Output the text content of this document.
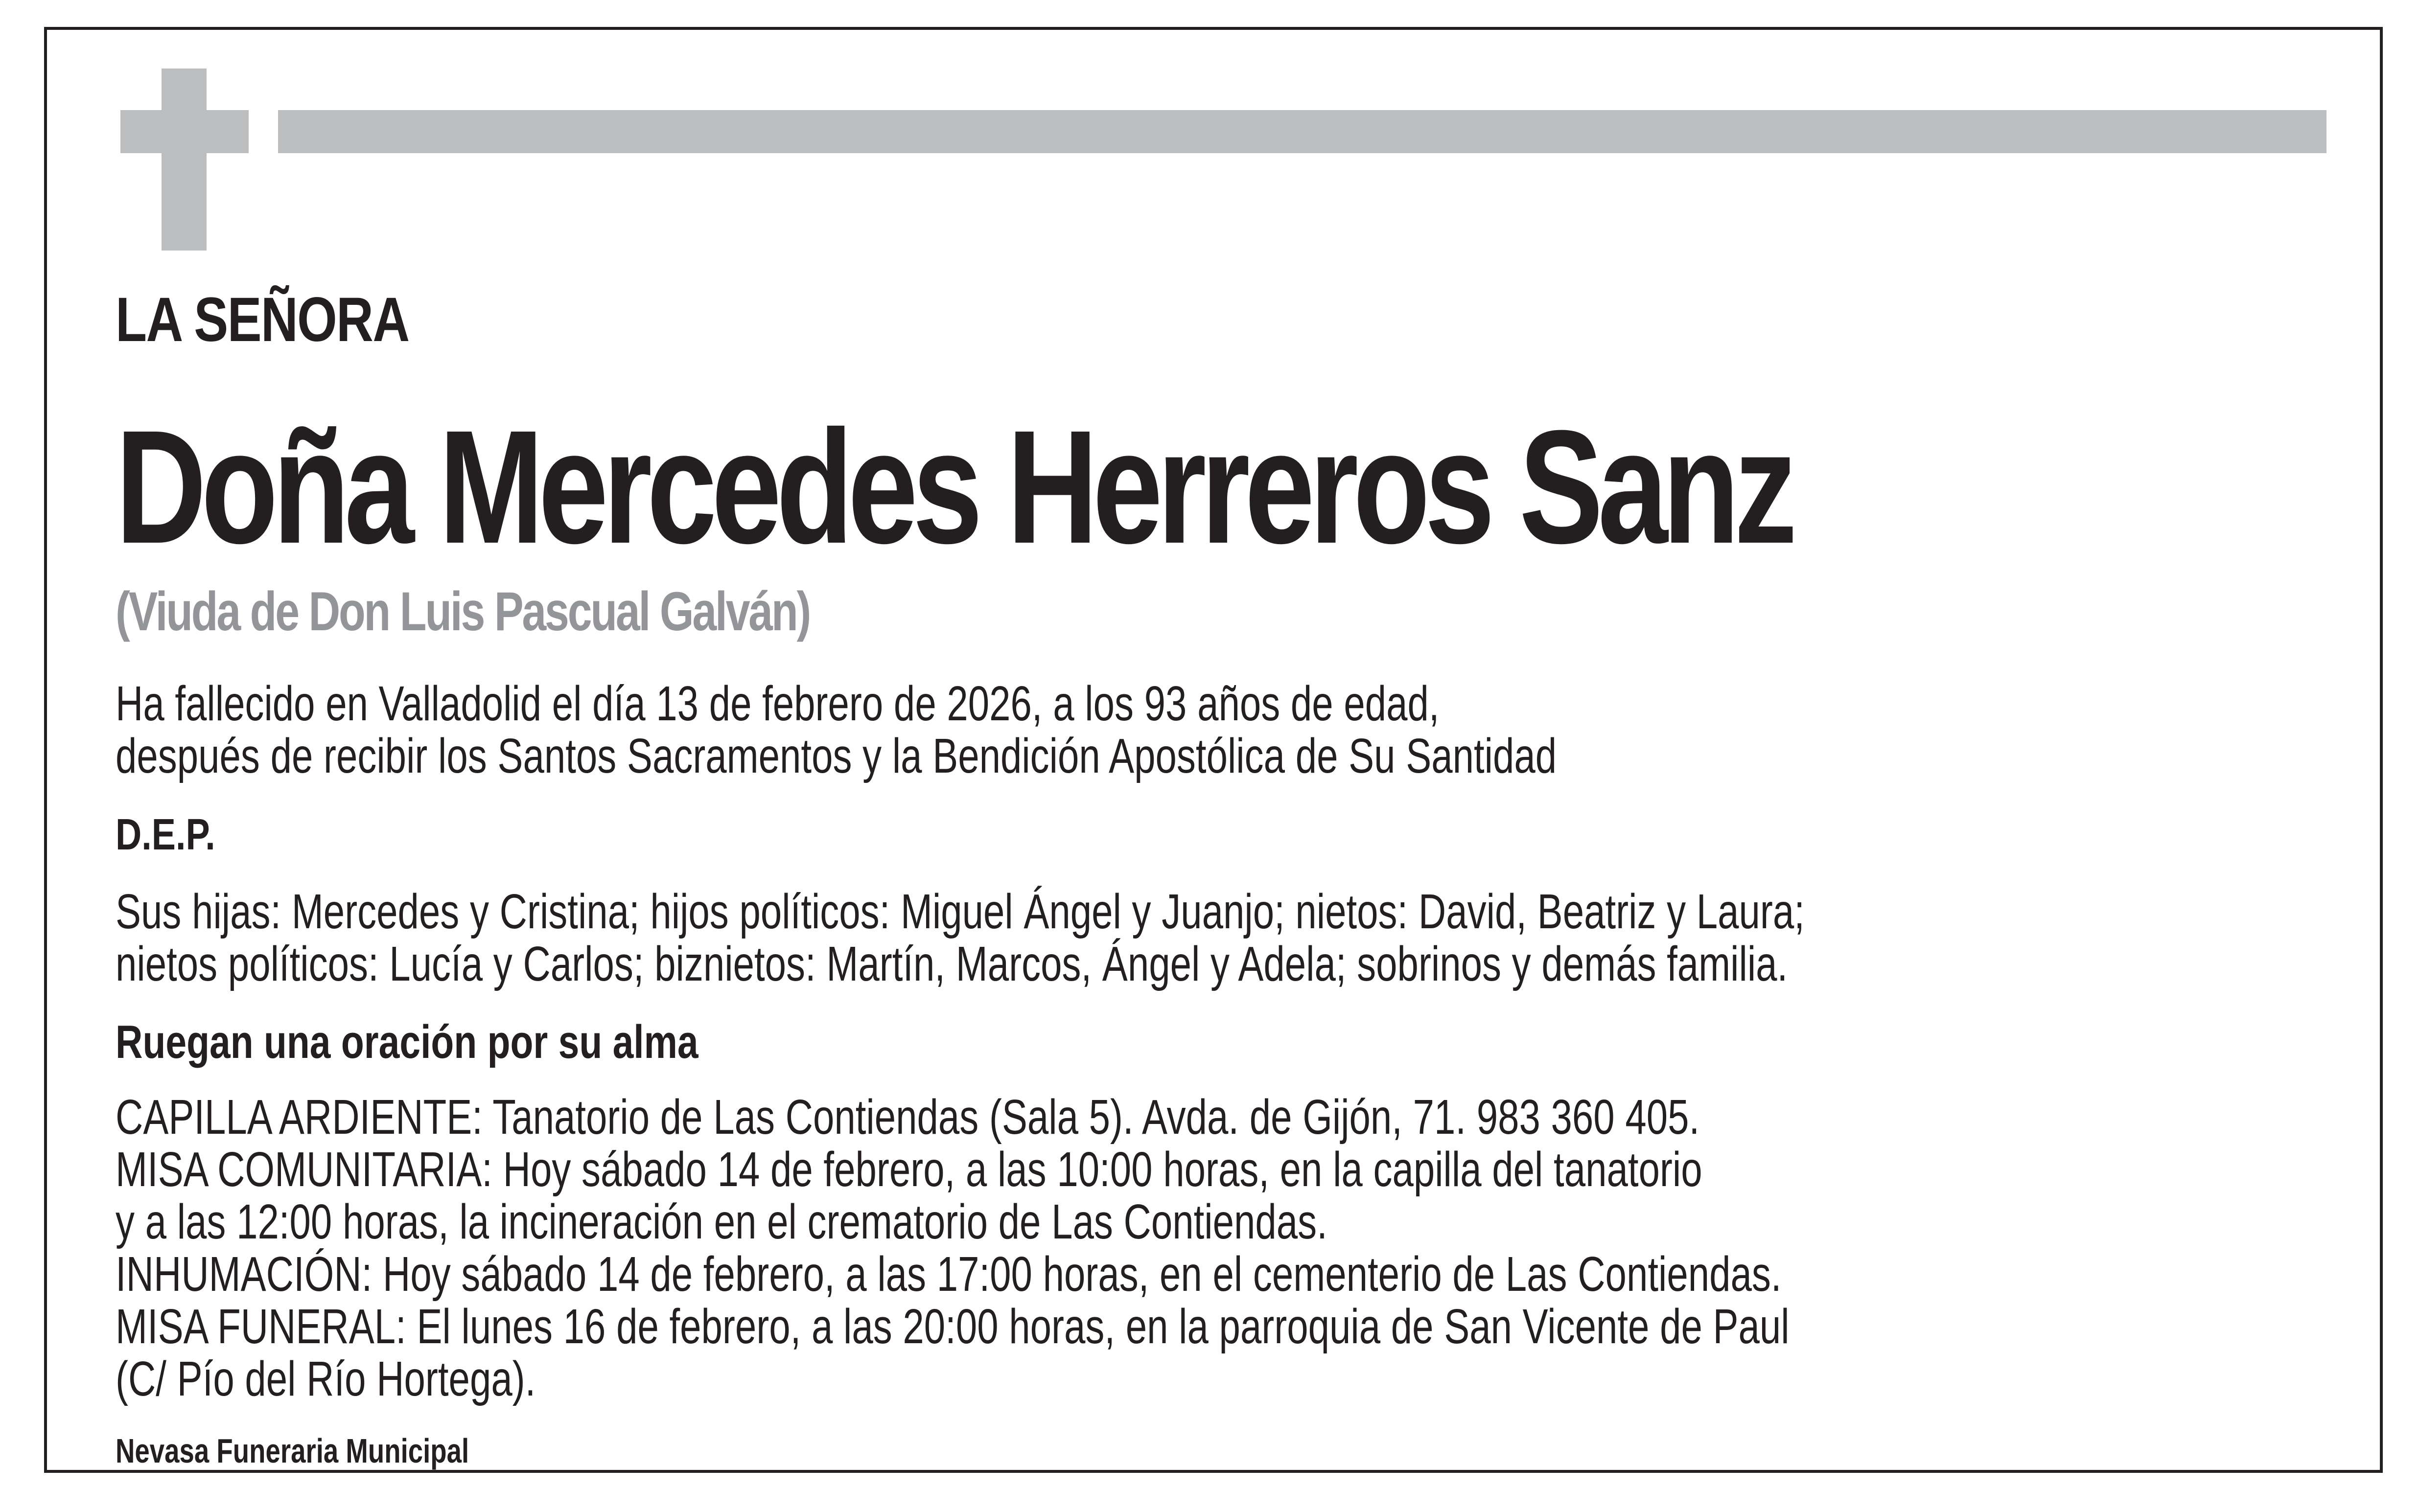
LA SEÑORA
Doña Mercedes Herreros Sanz
(Viuda de Don Luis Pascual Galván)
Ha fallecido en Valladolid el día 13 de febrero de 2026, a los 93 años de edad,
después de recibir los Santos Sacramentos y la Bendición Apostólica de Su Santidad
D.E.P.
Sus hijas: Mercedes y Cristina; hijos políticos: Miguel Ángel y Juanjo; nietos: David, Beatriz y Laura;
nietos políticos: Lucía y Carlos; biznietos: Martín, Marcos, Ángel y Adela; sobrinos y demás familia.
Ruegan una oración por su alma
CAPILLA ARDIENTE: Tanatorio de Las Contiendas (Sala 5). Avda. de Gijón, 71. 983 360 405.
MISA COMUNITARIA: Hoy sábado 14 de febrero, a las 10:00 horas, en la capilla del tanatorio
y a las 12:00 horas, la incineración en el crematorio de Las Contiendas.
INHUMACIÓN: Hoy sábado 14 de febrero, a las 17:00 horas, en el cementerio de Las Contiendas.
MISA FUNERAL: El lunes 16 de febrero, a las 20:00 horas, en la parroquia de San Vicente de Paul
(C/ Pío del Río Hortega).
Nevasa Funeraria Municipal
